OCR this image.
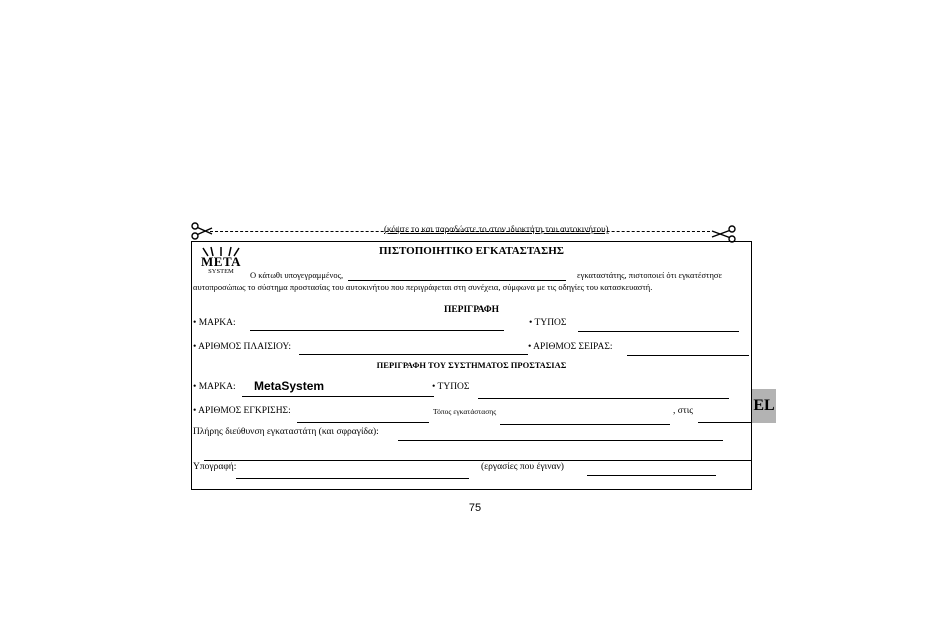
(κόψτε το και παραδώστε το στον ιδιοκτήτη του αυτοκινήτου)
META
SYSTEM
ΠΙΣΤΟΠΟΙΗΤΙΚΟ ΕΓΚΑΤΑΣΤΑΣΗΣ
Ο κάτωθι υπογεγραμμένος,	εγκαταστάτης, πιστοποιεί ότι εγκατέστησε
αυτοπροσώπως το σύστημα προστασίας του αυτοκινήτου που περιγράφεται στη συνέχεια, σύμφωνα με τις οδηγίες του κατασκευαστή.
ΠΕΡΙΓΡΑΦΗ
• ΜΑΡΚΑ:	• ΤΥΠΟΣ
• ΑΡΙΘΜΟΣ ΠΛΑΙΣΙΟΥ:	• ΑΡΙΘΜΟΣ ΣΕΙΡΑΣ:
ΠΕΡΙΓΡΑΦΗ ΤΟΥ ΣΥΣΤΗΜΑΤΟΣ ΠΡΟΣΤΑΣΙΑΣ
• ΜΑΡΚΑ: MetaSystem	• ΤΥΠΟΣ
• ΑΡΙΘΜΟΣ ΕΓΚΡΙΣΗΣ:	Τόπος εγκατάστασης	, στις
Πλήρης διεύθυνση εγκαταστάτη (και σφραγίδα):
Υπογραφή:	(εργασίες που έγιναν)
EL
75
